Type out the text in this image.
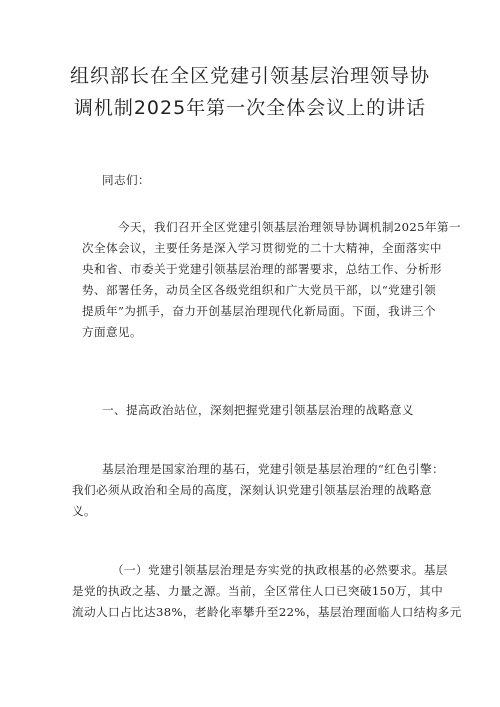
组织部长在全区党建引领基层治理领导协
调机制2025年第一次全体会议上的讲话
同志们：
今天，我们召开全区党建引领基层治理领导协调机制2025年第一
次全体会议，主要任务是深入学习贯彻党的二十大精神，全面落实中
央和省、市委关于党建引领基层治理的部署要求，总结工作、分析形
势、部署任务，动员全区各级党组织和广大党员干部，以“党建引领
提质年”为抓手，奋力开创基层治理现代化新局面。下面，我讲三个
方面意见。
一、提高政治站位，深刻把握党建引领基层治理的战略意义
基层治理是国家治理的基石，党建引领是基层治理的“红色引擎：
我们必须从政治和全局的高度，深刻认识党建引领基层治理的战略意
义。
（一）党建引领基层治理是夯实党的执政根基的必然要求。基层
是党的执政之基、力量之源。当前，全区常住人口已突破150万，其中
流动人口占比达38%，老龄化率攀升至22%，基层治理面临人口结构多元
